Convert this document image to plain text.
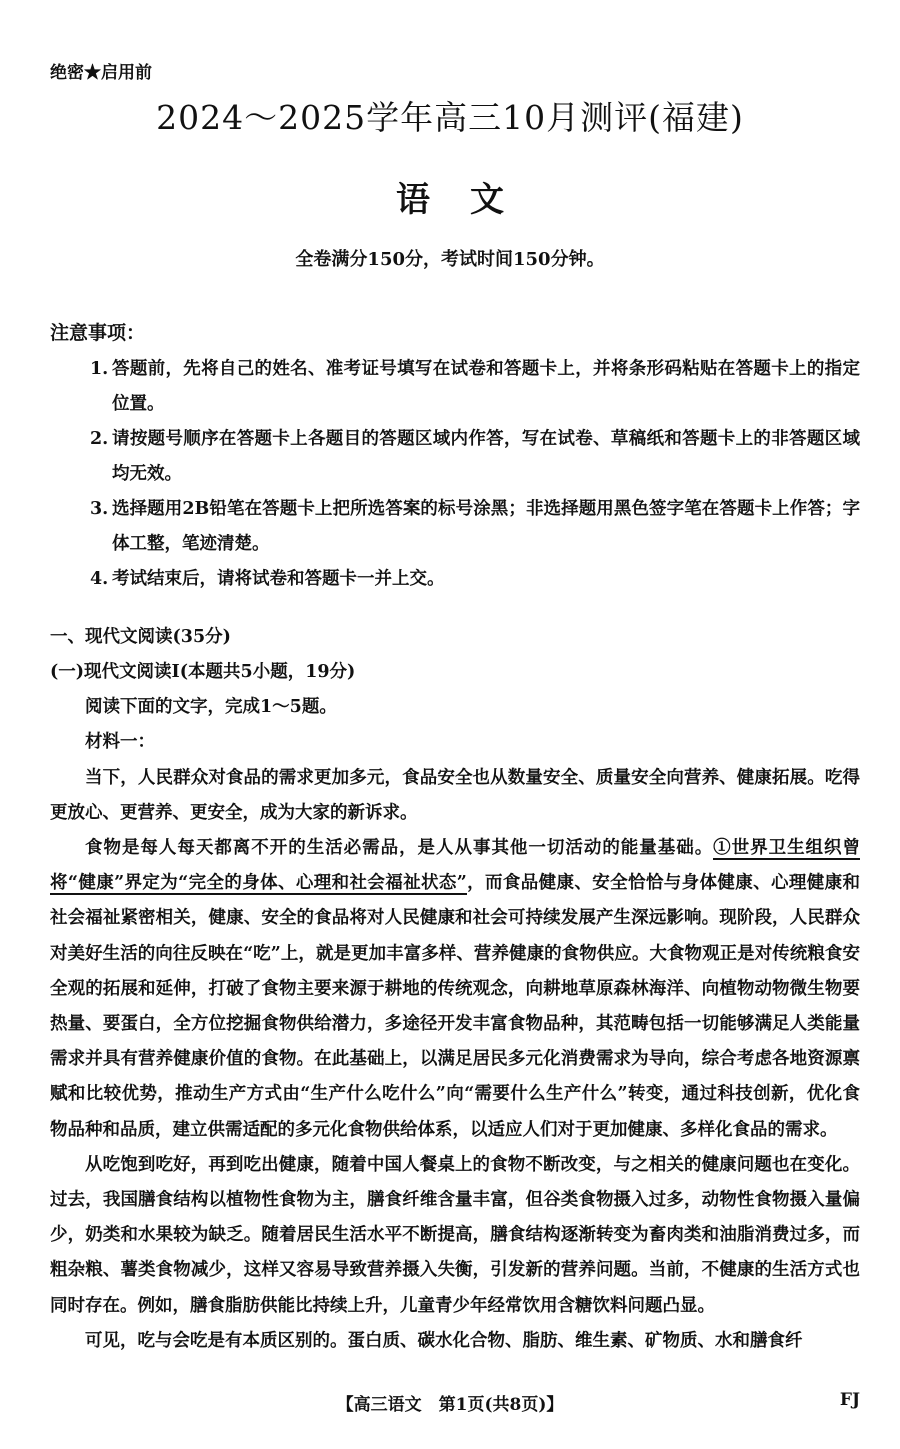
绝密★启用前
2024～2025学年高三10月测评(福建)
语文
全卷满分150分，考试时间150分钟。
注意事项：
1. 答题前，先将自己的姓名、准考证号填写在试卷和答题卡上，并将条形码粘贴在答题卡上的指定位置。
2. 请按题号顺序在答题卡上各题目的答题区域内作答，写在试卷、草稿纸和答题卡上的非答题区域均无效。
3. 选择题用2B铅笔在答题卡上把所选答案的标号涂黑；非选择题用黑色签字笔在答题卡上作答；字体工整，笔迹清楚。
4. 考试结束后，请将试卷和答题卡一并上交。
一、现代文阅读(35分)

(一)现代文阅读Ⅰ(本题共5小题，19分)

阅读下面的文字，完成1～5题。

材料一：

当下，人民群众对食品的需求更加多元，食品安全也从数量安全、质量安全向营养、健康拓展。吃得更放心、更营养、更安全，成为大家的新诉求。

食物是每人每天都离不开的生活必需品，是人从事其他一切活动的能量基础。①世界卫生组织曾将“健康”界定为“完全的身体、心理和社会福祉状态”，而食品健康、安全恰恰与身体健康、心理健康和社会福祉紧密相关，健康、安全的食品将对人民健康和社会可持续发展产生深远影响。现阶段，人民群众对美好生活的向往反映在“吃”上，就是更加丰富多样、营养健康的食物供应。大食物观正是对传统粮食安全观的拓展和延伸，打破了食物主要来源于耕地的传统观念，向耕地草原森林海洋、向植物动物微生物要热量、要蛋白，全方位挖掘食物供给潜力，多途径开发丰富食物品种，其范畴包括一切能够满足人类能量需求并具有营养健康价值的食物。在此基础上，以满足居民多元化消费需求为导向，综合考虑各地资源禀赋和比较优势，推动生产方式由“生产什么吃什么”向“需要什么生产什么”转变，通过科技创新，优化食物品种和品质，建立供需适配的多元化食物供给体系，以适应人们对于更加健康、多样化食品的需求。

从吃饱到吃好，再到吃出健康，随着中国人餐桌上的食物不断改变，与之相关的健康问题也在变化。过去，我国膳食结构以植物性食物为主，膳食纤维含量丰富，但谷类食物摄入过多，动物性食物摄入量偏少，奶类和水果较为缺乏。随着居民生活水平不断提高，膳食结构逐渐转变为畜肉类和油脂消费过多，而粗杂粮、薯类食物减少，这样又容易导致营养摄入失衡，引发新的营养问题。当前，不健康的生活方式也同时存在。例如，膳食脂肪供能比持续上升，儿童青少年经常饮用含糖饮料问题凸显。

可见，吃与会吃是有本质区别的。蛋白质、碳水化合物、脂肪、维生素、矿物质、水和膳食纤

【高三语文　第1页(共8页)】	FJ
